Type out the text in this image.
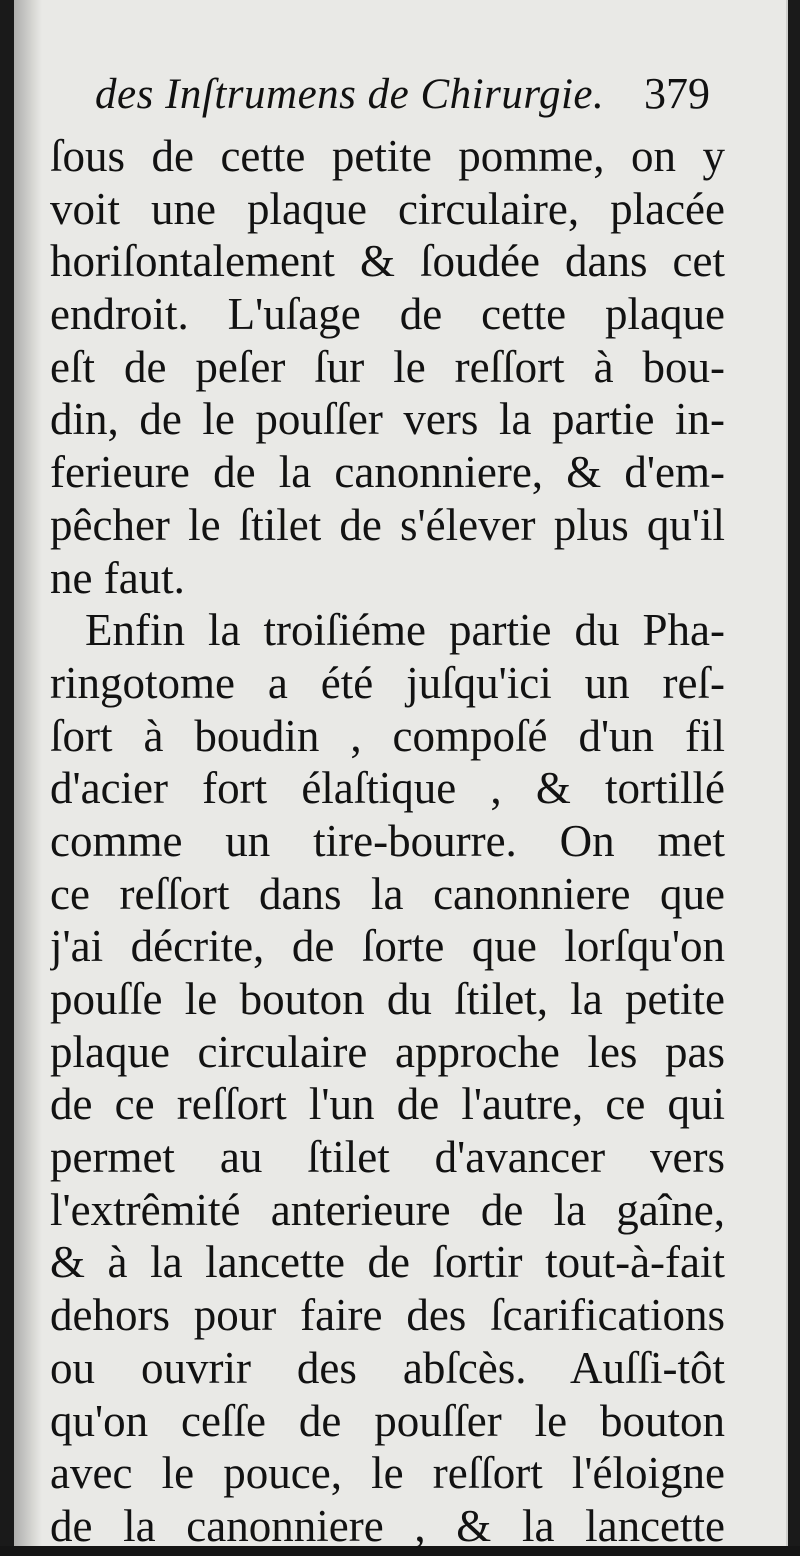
des Inſtrumens de Chirurgie. 379
ſous de cette petite pomme, on y
voit une plaque circulaire, placée
horiſontalement & ſoudée dans cet
endroit. L'uſage de cette plaque
eſt de peſer ſur le reſſort à bou-
din, de le pouſſer vers la partie in-
ferieure de la canonniere, & d'em-
pêcher le ſtilet de s'élever plus qu'il
ne faut.
Enfin la troiſiéme partie du Pha-
ringotome a été juſqu'ici un reſ-
ſort à boudin , compoſé d'un fil
d'acier fort élaſtique , & tortillé
comme un tire-bourre. On met
ce reſſort dans la canonniere que
j'ai décrite, de ſorte que lorſqu'on
pouſſe le bouton du ſtilet, la petite
plaque circulaire approche les pas
de ce reſſort l'un de l'autre, ce qui
permet au ſtilet d'avancer vers
l'extrêmité anterieure de la gaîne,
& à la lancette de ſortir tout-à-fait
dehors pour faire des ſcarifications
ou ouvrir des abſcès. Auſſi-tôt
qu'on ceſſe de pouſſer le bouton
avec le pouce, le reſſort l'éloigne
de la canonniere , & la lancette
